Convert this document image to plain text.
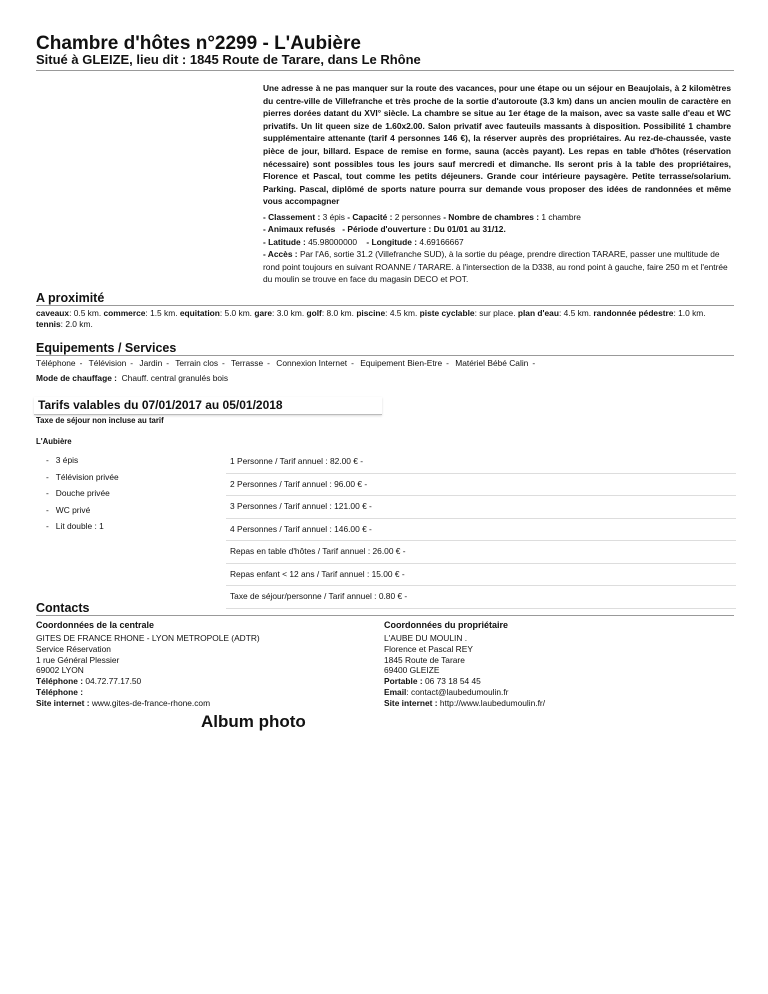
Chambre d'hôtes n°2299 - L'Aubière
Situé à GLEIZE, lieu dit : 1845 Route de Tarare, dans Le Rhône
Une adresse à ne pas manquer sur la route des vacances, pour une étape ou un séjour en Beaujolais, à 2 kilomètres du centre-ville de Villefranche et très proche de la sortie d'autoroute (3.3 km) dans un ancien moulin de caractère en pierres dorées datant du XVI° siècle. La chambre se situe au 1er étage de la maison, avec sa vaste salle d'eau et WC privatifs. Un lit queen size de 1.60x2.00. Salon privatif avec fauteuils massants à disposition. Possibilité 1 chambre supplémentaire attenante (tarif 4 personnes 146 €), la réserver auprès des propriétaires. Au rez-de-chaussée, vaste pièce de jour, billard. Espace de remise en forme, sauna (accès payant). Les repas en table d'hôtes (réservation nécessaire) sont possibles tous les jours sauf mercredi et dimanche. Ils seront pris à la table des propriétaires, Florence et Pascal, tout comme les petits déjeuners. Grande cour intérieure paysagère. Petite terrasse/solarium. Parking. Pascal, diplômé de sports nature pourra sur demande vous proposer des idées de randonnées et même vous accompagner
- Classement : 3 épis - Capacité : 2 personnes - Nombre de chambres : 1 chambre
- Animaux refusés - Période d'ouverture : Du 01/01 au 31/12.
- Latitude : 45.98000000 - Longitude : 4.69166667
- Accès : Par l'A6, sortie 31.2 (Villefranche SUD), à la sortie du péage, prendre direction TARARE, passer une multitude de rond point toujours en suivant ROANNE / TARARE. à l'intersection de la D338, au rond point à gauche, faire 250 m et l'entrée du moulin se trouve en face du magasin DECO et POT.
A proximité
caveaux: 0.5 km. commerce: 1.5 km. equitation: 5.0 km. gare: 3.0 km. golf: 8.0 km. piscine: 4.5 km. piste cyclable: sur place. plan d'eau: 4.5 km. randonnée pédestre: 1.0 km. tennis: 2.0 km.
Equipements / Services
Téléphone - Télévision - Jardin - Terrain clos - Terrasse - Connexion Internet - Equipement Bien-Etre - Matériel Bébé Calin -
Mode de chauffage : Chauff. central granulés bois
Tarifs valables du 07/01/2017 au 05/01/2018
Taxe de séjour non incluse au tarif
L'Aubière
- 3 épis
- Télévision privée
- Douche privée
- WC privé
- Lit double : 1
1 Personne / Tarif annuel : 82.00 € -
2 Personnes / Tarif annuel : 96.00 € -
3 Personnes / Tarif annuel : 121.00 € -
4 Personnes / Tarif annuel : 146.00 € -
Repas en table d'hôtes / Tarif annuel : 26.00 € -
Repas enfant < 12 ans / Tarif annuel : 15.00 € -
Taxe de séjour/personne / Tarif annuel : 0.80 € -
Contacts
Coordonnées de la centrale
GITES DE FRANCE RHONE - LYON METROPOLE (ADTR)
Service Réservation
1 rue Général Plessier
69002 LYON
Téléphone : 04.72.77.17.50
Téléphone :
Site internet : www.gites-de-france-rhone.com
Coordonnées du propriétaire
L'AUBE DU MOULIN .
Florence et Pascal REY
1845 Route de Tarare
69400 GLEIZE
Portable : 06 73 18 54 45
Email: contact@laubedumoulin.fr
Site internet : http://www.laubedumoulin.fr/
Album photo
